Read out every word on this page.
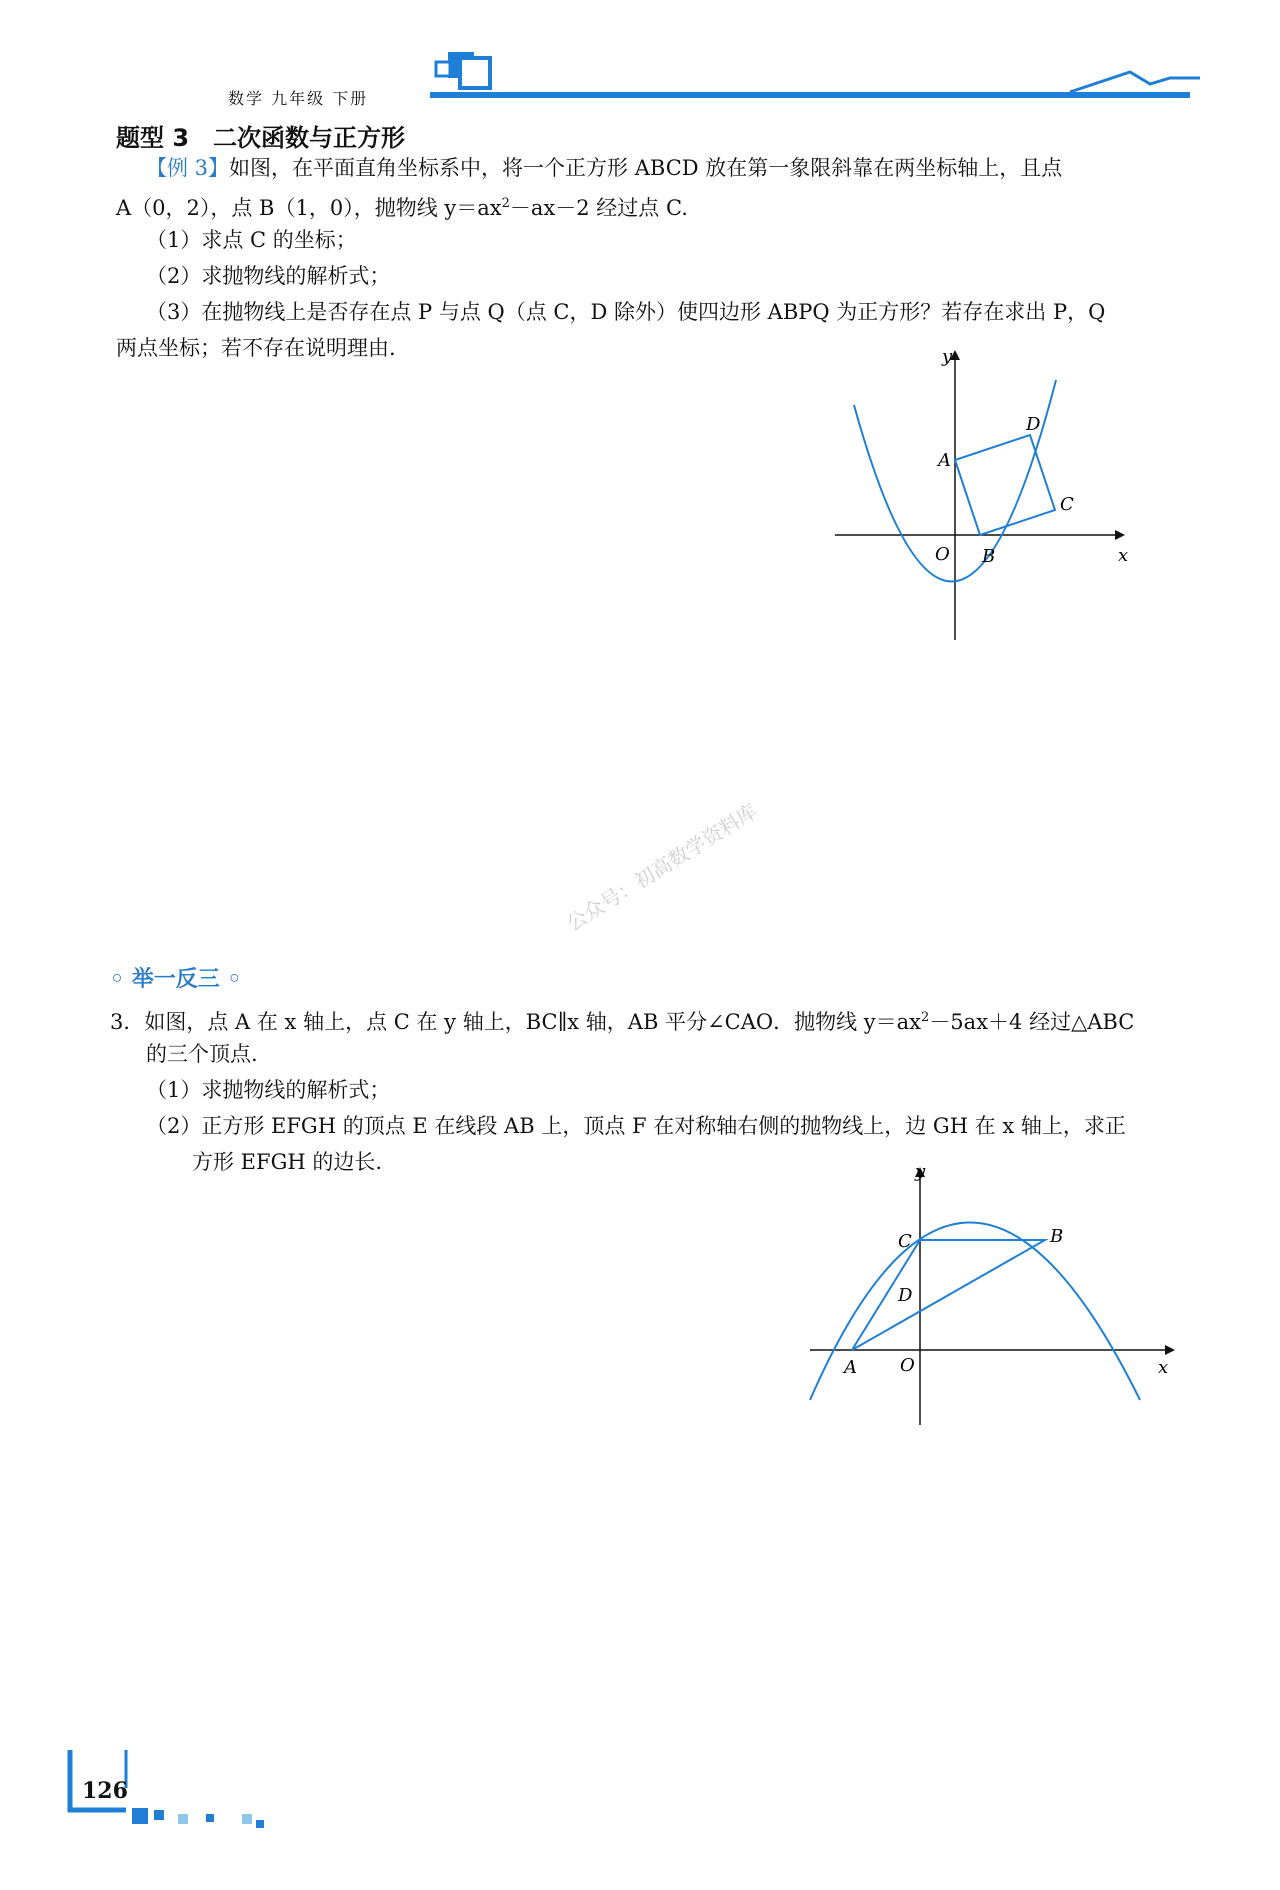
数学 九年级 下册
题型 3　二次函数与正方形
【例 3】如图，在平面直角坐标系中，将一个正方形 ABCD 放在第一象限斜靠在两坐标轴上，且点
A（0，2），点 B（1，0），抛物线 $y=ax^2-ax-2$ 经过点 C.
（1）求点 C 的坐标；
（2）求抛物线的解析式；
（3）在抛物线上是否存在点 P 与点 Q（点 C，D 除外）使四边形 ABPQ 为正方形？若存在求出 P，Q
两点坐标；若不存在说明理由.	y
x
O
A
B
C
D
公众号：初高数学资料库
◦ 举一反三 ◦
3．如图，点 A 在 x 轴上，点 C 在 y 轴上，BC∥x 轴，AB 平分∠CAO．抛物线 $y=ax^2-5ax+4$ 经过△ABC
的三个顶点.
（1）求抛物线的解析式；
（2）正方形 EFGH 的顶点 E 在线段 AB 上，顶点 F 在对称轴右侧的抛物线上，边 GH 在 x 轴上，求正
方形 EFGH 的边长.	y
x
O
A
B
C
D
126
